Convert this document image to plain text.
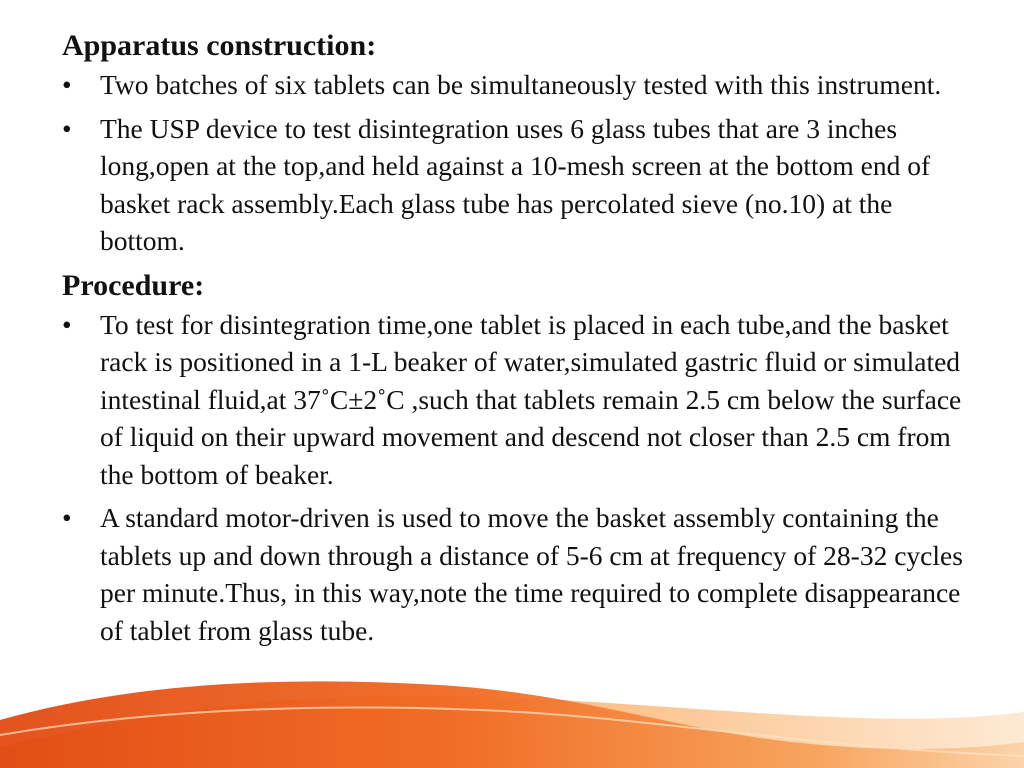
Apparatus construction:
•	Two batches of six tablets can be simultaneously tested with this instrument.
•	The USP device to test disintegration uses 6 glass tubes that are 3 inches long,open at the top,and held against a 10-mesh screen at the bottom end of basket rack assembly.Each glass tube has percolated sieve (no.10) at the bottom.
Procedure:
•	To test for disintegration time,one tablet is placed in each tube,and the basket rack is positioned in a 1-L beaker of water,simulated gastric fluid or simulated intestinal fluid,at 37˚C±2˚C ,such that tablets remain 2.5 cm below the surface of liquid on their upward movement and descend not closer than 2.5 cm from the bottom of beaker.
•	A standard motor-driven is used to move the basket assembly containing the tablets up and down through a distance of 5-6 cm at frequency of 28-32 cycles per minute.Thus, in this way,note the time required to complete disappearance of tablet from glass tube.
